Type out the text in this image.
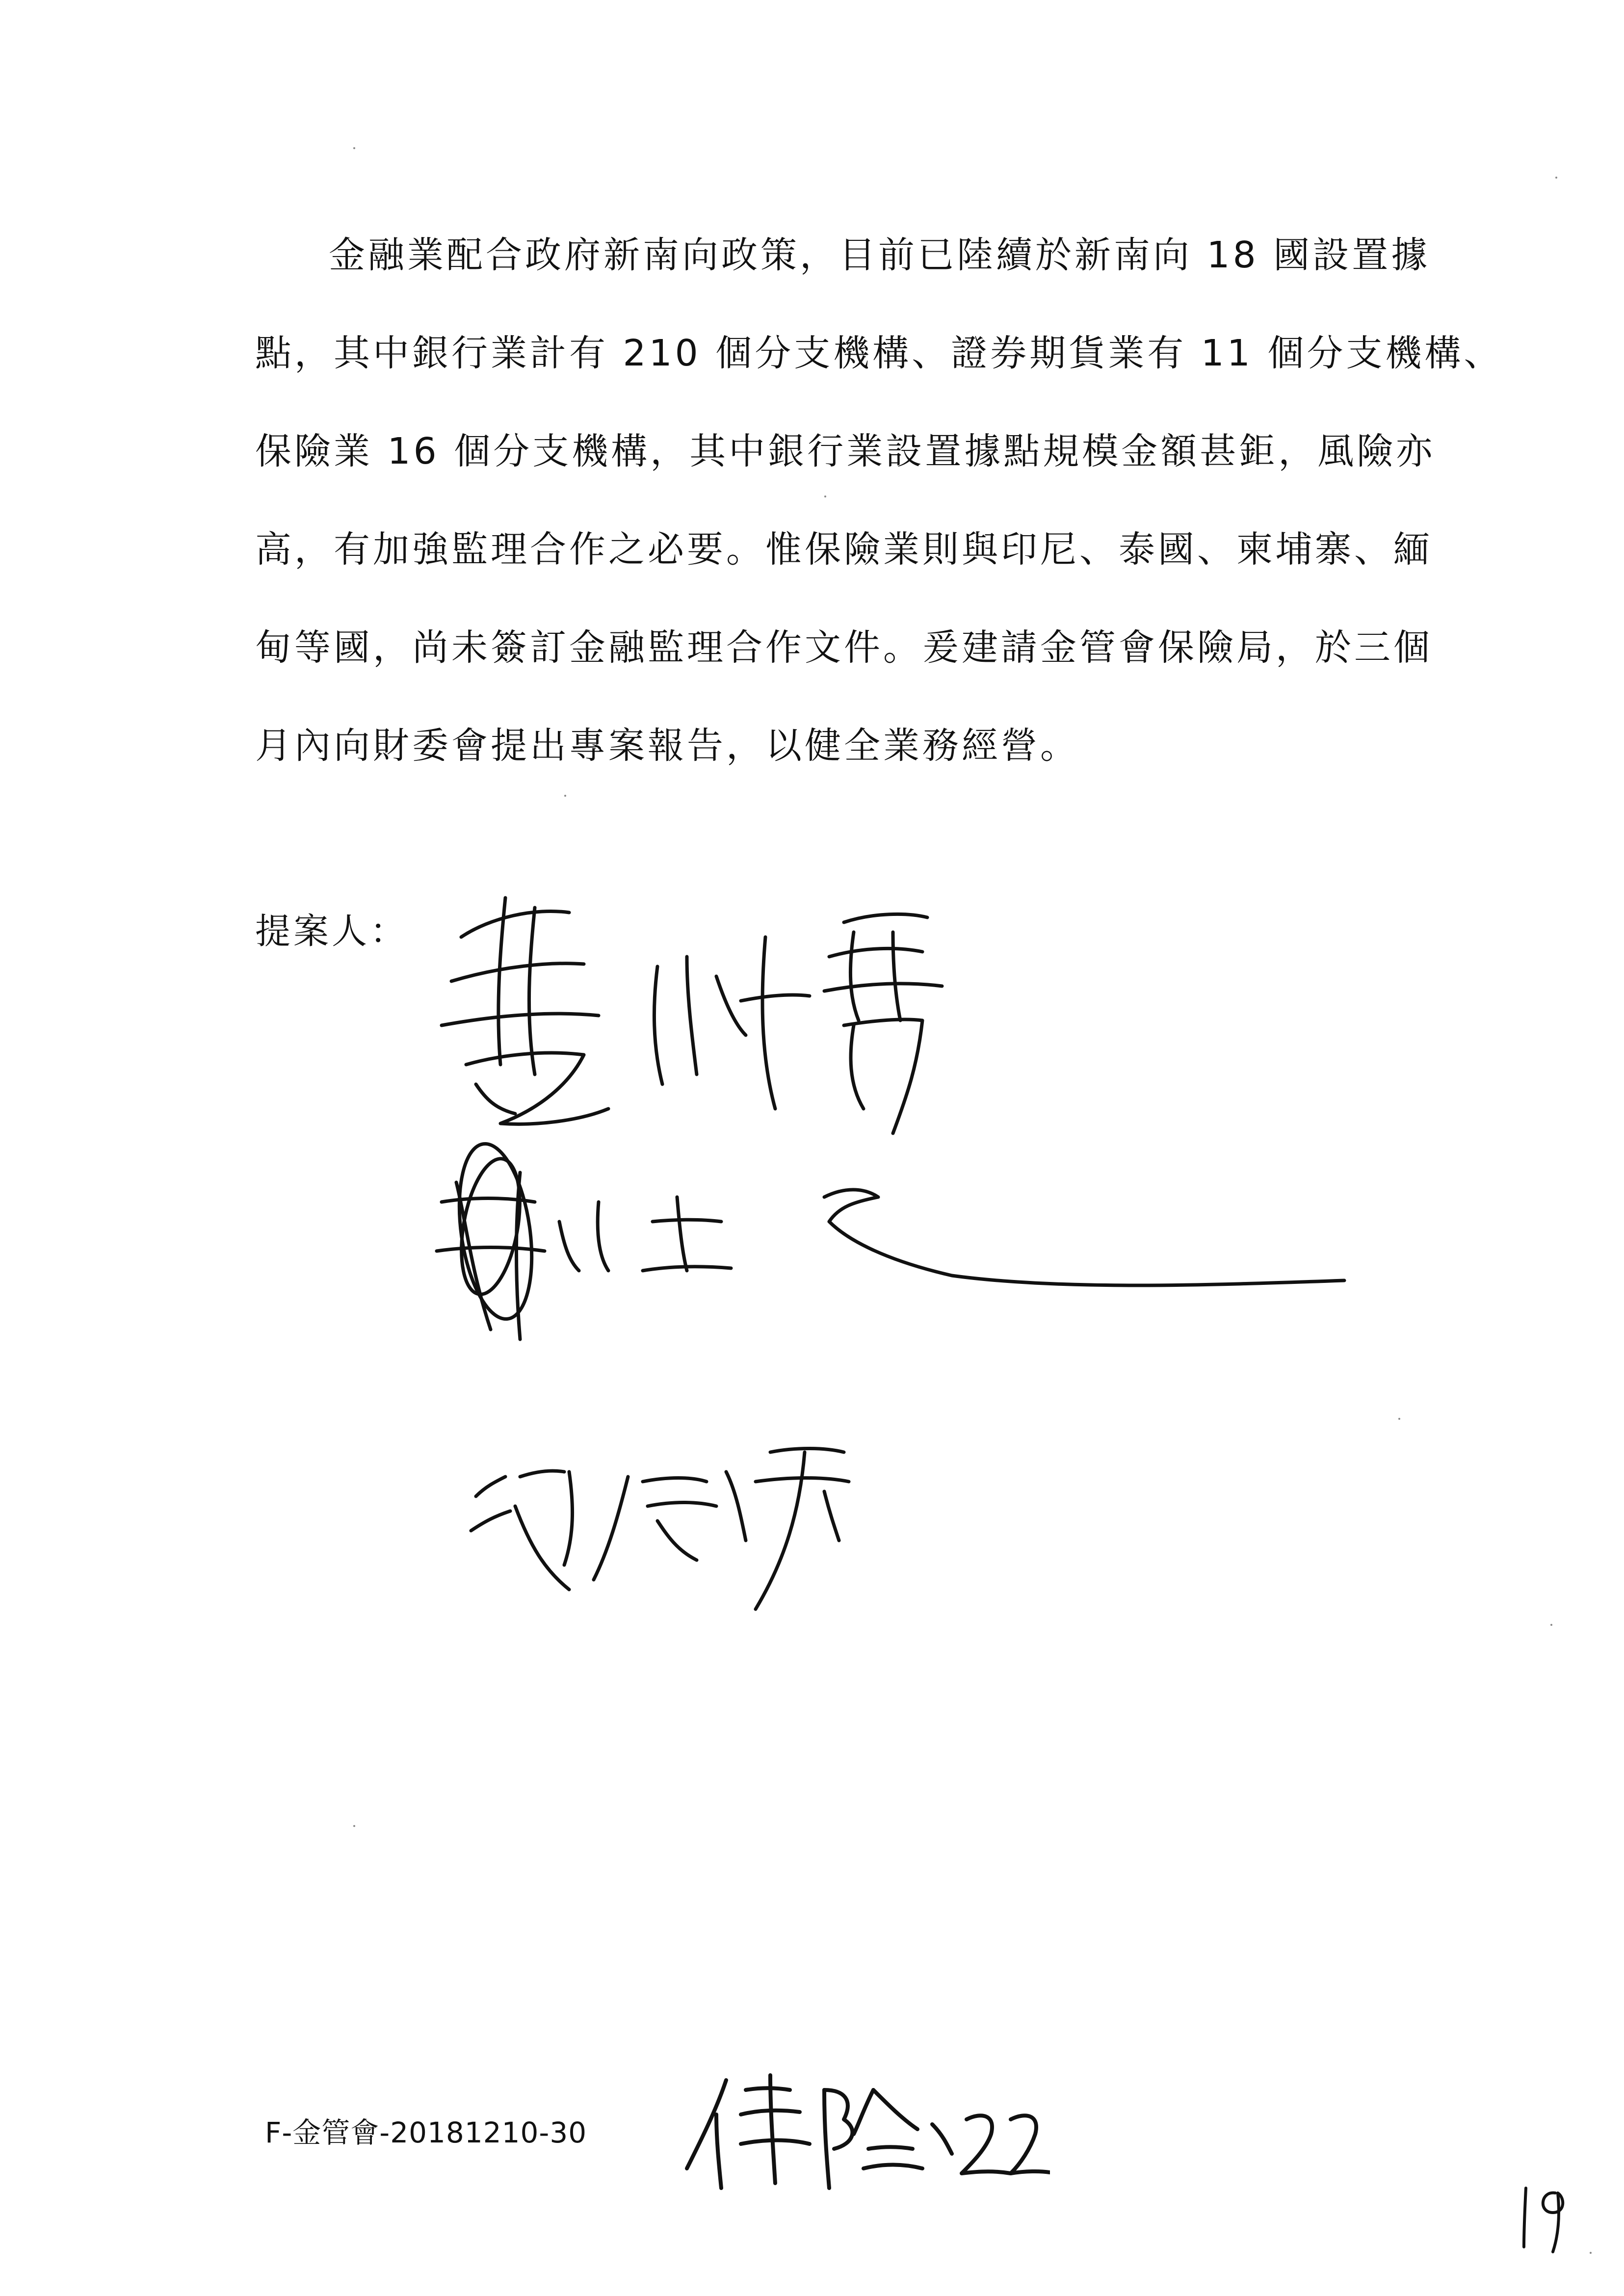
金融業配合政府新南向政策，目前已陸續於新南向 18 國設置據
點，其中銀行業計有 210 個分支機構、證券期貨業有 11 個分支機構、
保險業 16 個分支機構，其中銀行業設置據點規模金額甚鉅，風險亦
高，有加強監理合作之必要。惟保險業則與印尼、泰國、柬埔寨、緬
甸等國，尚未簽訂金融監理合作文件。爰建請金管會保險局，於三個
月內向財委會提出專案報告，以健全業務經營。
提案人：
F-金管會-20181210-30
